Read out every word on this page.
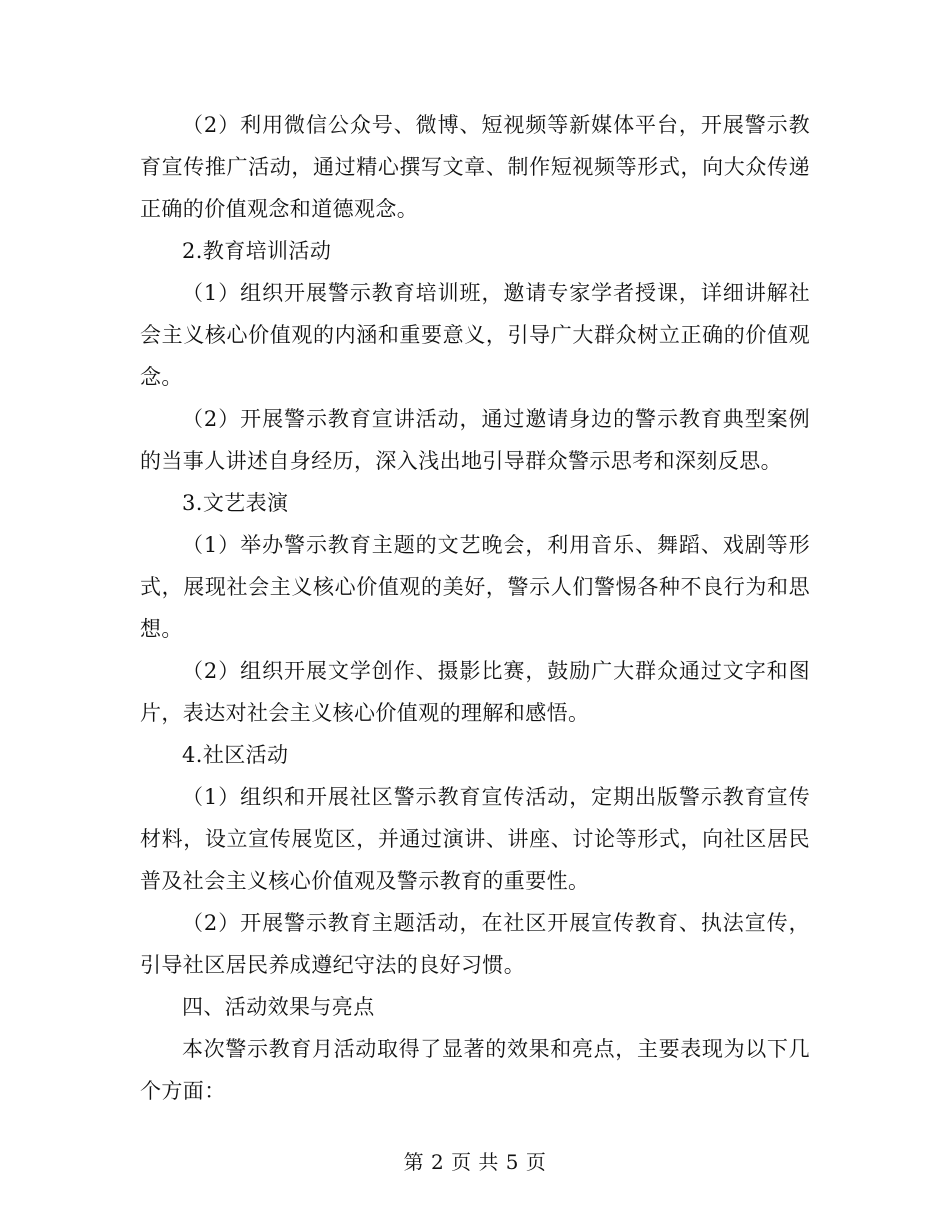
（2）利用微信公众号、微博、短视频等新媒体平台，开展警示教育宣传推广活动，通过精心撰写文章、制作短视频等形式，向大众传递正确的价值观念和道德观念。

2.教育培训活动

（1）组织开展警示教育培训班，邀请专家学者授课，详细讲解社会主义核心价值观的内涵和重要意义，引导广大群众树立正确的价值观念。

（2）开展警示教育宣讲活动，通过邀请身边的警示教育典型案例的当事人讲述自身经历，深入浅出地引导群众警示思考和深刻反思。

3.文艺表演

（1）举办警示教育主题的文艺晚会，利用音乐、舞蹈、戏剧等形式，展现社会主义核心价值观的美好，警示人们警惕各种不良行为和思想。

（2）组织开展文学创作、摄影比赛，鼓励广大群众通过文字和图片，表达对社会主义核心价值观的理解和感悟。

4.社区活动

（1）组织和开展社区警示教育宣传活动，定期出版警示教育宣传材料，设立宣传展览区，并通过演讲、讲座、讨论等形式，向社区居民普及社会主义核心价值观及警示教育的重要性。

（2）开展警示教育主题活动，在社区开展宣传教育、执法宣传，引导社区居民养成遵纪守法的良好习惯。

四、活动效果与亮点

本次警示教育月活动取得了显著的效果和亮点，主要表现为以下几个方面：

第 2 页 共 5 页
